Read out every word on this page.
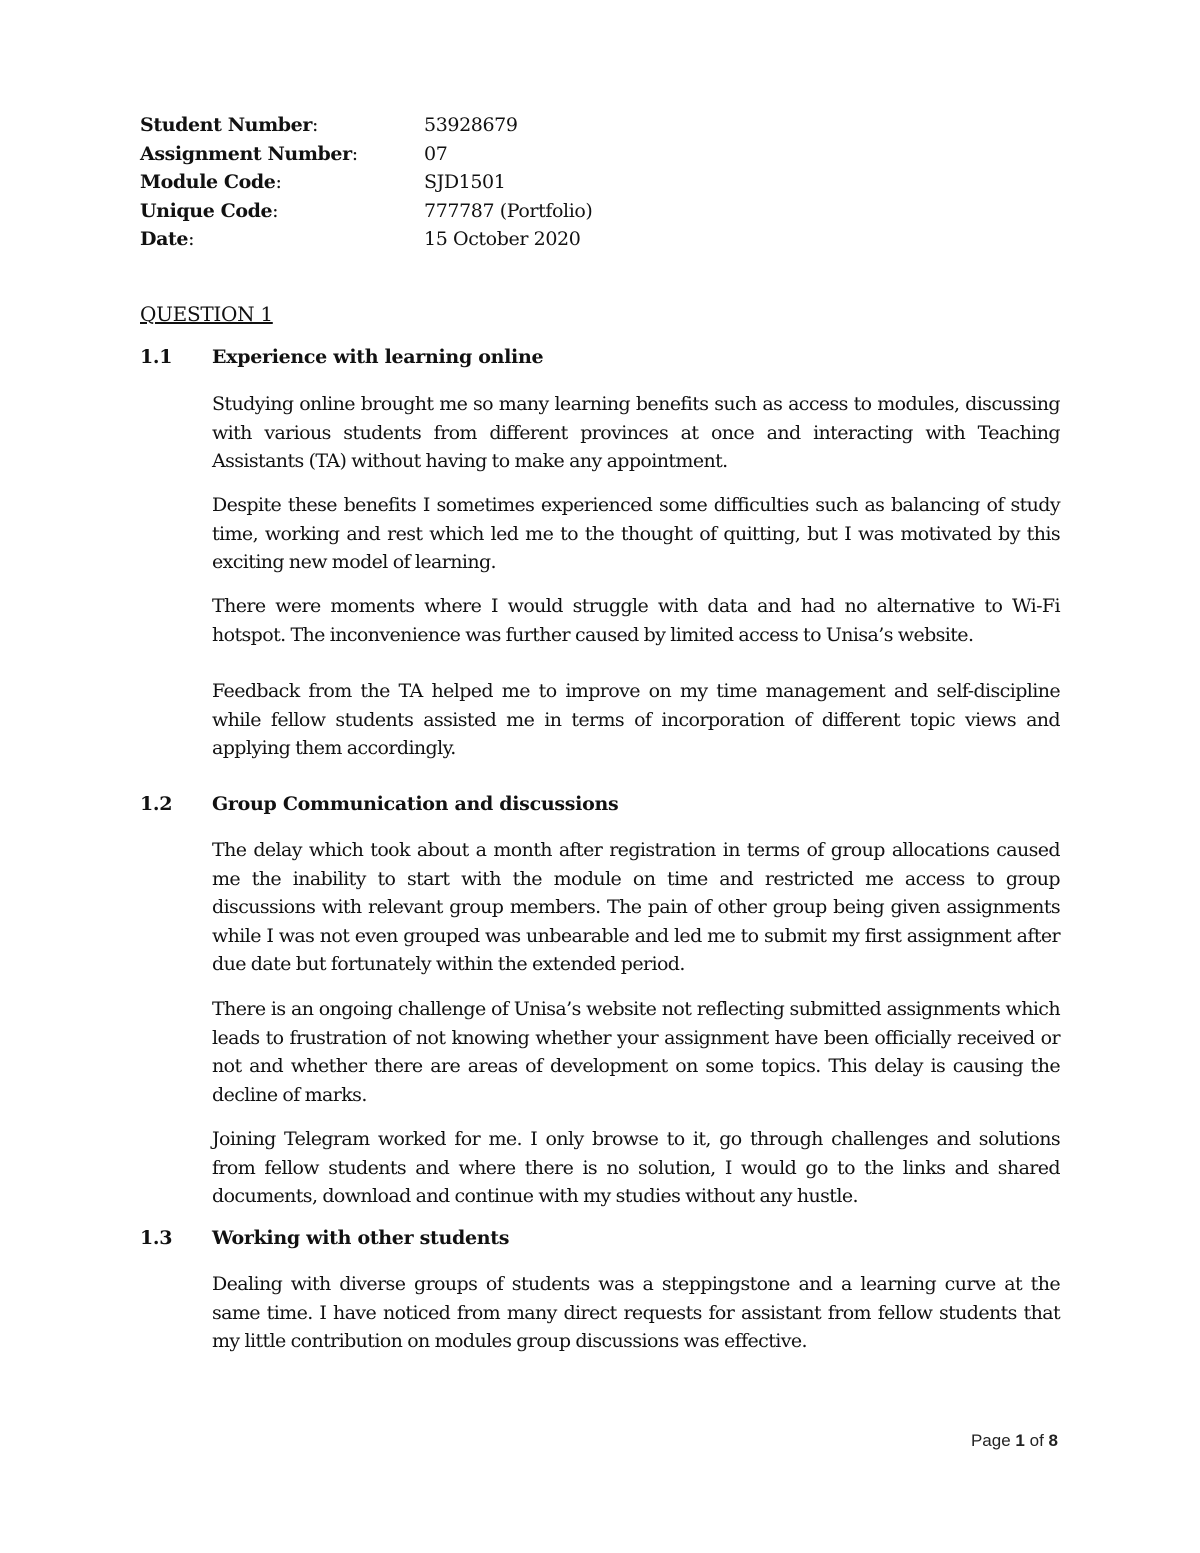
Student Number:	53928679
Assignment Number:	07
Module Code:	SJD1501
Unique Code:	777787 (Portfolio)
Date:	15 October 2020
QUESTION 1
1.1	Experience with learning online

Studying online brought me so many learning benefits such as access to modules, discussing with various students from different provinces at once and interacting with Teaching Assistants (TA) without having to make any appointment.

Despite these benefits I sometimes experienced some difficulties such as balancing of study time, working and rest which led me to the thought of quitting, but I was motivated by this exciting new model of learning.

There were moments where I would struggle with data and had no alternative to Wi-Fi hotspot. The inconvenience was further caused by limited access to Unisa’s website.

Feedback from the TA helped me to improve on my time management and self-discipline while fellow students assisted me in terms of incorporation of different topic views and applying them accordingly.

1.2	Group Communication and discussions

The delay which took about a month after registration in terms of group allocations caused me the inability to start with the module on time and restricted me access to group discussions with relevant group members. The pain of other group being given assignments while I was not even grouped was unbearable and led me to submit my first assignment after due date but fortunately within the extended period.

There is an ongoing challenge of Unisa’s website not reflecting submitted assignments which leads to frustration of not knowing whether your assignment have been officially received or not and whether there are areas of development on some topics. This delay is causing the decline of marks.

Joining Telegram worked for me. I only browse to it, go through challenges and solutions from fellow students and where there is no solution, I would go to the links and shared documents, download and continue with my studies without any hustle.

1.3	Working with other students

Dealing with diverse groups of students was a steppingstone and a learning curve at the same time. I have noticed from many direct requests for assistant from fellow students that my little contribution on modules group discussions was effective.

Page 1 of 8
